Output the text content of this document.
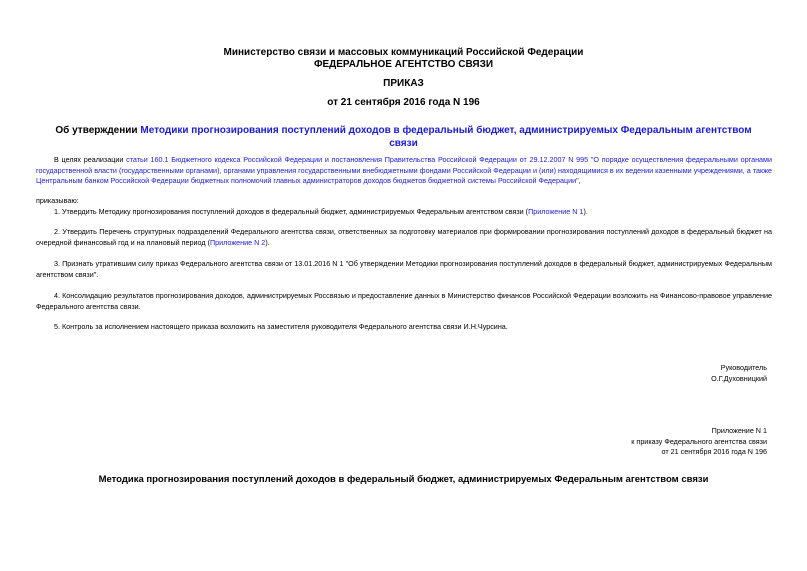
Министерство связи и массовых коммуникаций Российской Федерации
ФЕДЕРАЛЬНОЕ АГЕНТСТВО СВЯЗИ
ПРИКАЗ
от 21 сентября 2016 года N 196
Об утверждении Методики прогнозирования поступлений доходов в федеральный бюджет, администрируемых Федеральным агентством связи
В целях реализации статьи 160.1 Бюджетного кодекса Российской Федерации и постановления Правительства Российской Федерации от 29.12.2007 N 995 "О порядке осуществления федеральными органами государственной власти (государственными органами), органами управления государственными внебюджетными фондами Российской Федерации и (или) находящимися в их ведении казенными учреждениями, а также Центральным банком Российской Федерации бюджетных полномочий главных администраторов доходов бюджетов бюджетной системы Российской Федерации",
приказываю:
1. Утвердить Методику прогнозирования поступлений доходов в федеральный бюджет, администрируемых Федеральным агентством связи (Приложение N 1).
2. Утвердить Перечень структурных подразделений Федерального агентства связи, ответственных за подготовку материалов при формировании прогнозирования поступлений доходов в федеральный бюджет на очередной финансовый год и на плановый период (Приложение N 2).
3. Признать утратившим силу приказ Федерального агентства связи от 13.01.2016 N 1 "Об утверждении Методики прогнозирования поступлений доходов в федеральный бюджет, администрируемых Федеральным агентством связи".
4. Консолидацию результатов прогнозирования доходов, администрируемых Россвязью и предоставление данных в Министерство финансов Российской Федерации возложить на Финансово-правовое управление Федерального агентства связи.
5. Контроль за исполнением настоящего приказа возложить на заместителя руководителя Федерального агентства связи И.Н.Чурсина.
Руководитель
О.Г.Духовницкий
Приложение N 1
к приказу Федерального агентства связи
от 21 сентября 2016 года N 196
Методика прогнозирования поступлений доходов в федеральный бюджет, администрируемых Федеральным агентством связи
